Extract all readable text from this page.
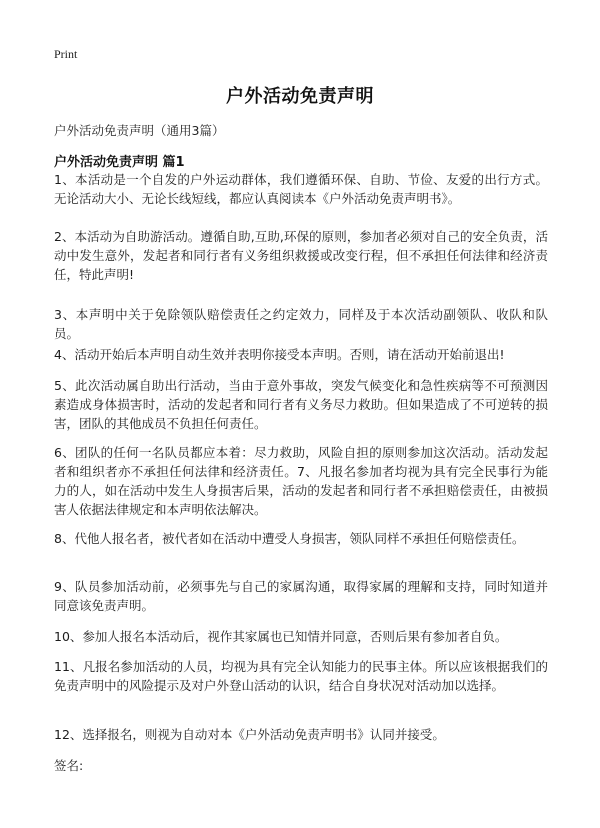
Print
户外活动免责声明
户外活动免责声明（通用3篇）
户外活动免责声明 篇1

1、本活动是一个自发的户外运动群体，我们遵循环保、自助、节俭、友爱的出行方式。无论活动大小、无论长线短线，都应认真阅读本《户外活动免责声明书》。

2、本活动为自助游活动。遵循自助,互助,环保的原则，参加者必须对自己的安全负责，活动中发生意外，发起者和同行者有义务组织救援或改变行程，但不承担任何法律和经济责任，特此声明!

3、本声明中关于免除领队赔偿责任之约定效力，同样及于本次活动副领队、收队和队员。

4、活动开始后本声明自动生效并表明你接受本声明。否则，请在活动开始前退出!

5、此次活动属自助出行活动，当由于意外事故，突发气候变化和急性疾病等不可预测因素造成身体损害时，活动的发起者和同行者有义务尽力救助。但如果造成了不可逆转的损害，团队的其他成员不负担任何责任。

6、团队的任何一名队员都应本着：尽力救助，风险自担的原则参加这次活动。活动发起者和组织者亦不承担任何法律和经济责任。7、凡报名参加者均视为具有完全民事行为能力的人，如在活动中发生人身损害后果，活动的发起者和同行者不承担赔偿责任，由被损害人依据法律规定和本声明依法解决。

8、代他人报名者，被代者如在活动中遭受人身损害，领队同样不承担任何赔偿责任。

9、队员参加活动前，必须事先与自己的家属沟通，取得家属的理解和支持，同时知道并同意该免责声明。

10、参加人报名本活动后，视作其家属也已知情并同意，否则后果有参加者自负。

11、凡报名参加活动的人员，均视为具有完全认知能力的民事主体。所以应该根据我们的免责声明中的风险提示及对户外登山活动的认识，结合自身状况对活动加以选择。

12、选择报名，则视为自动对本《户外活动免责声明书》认同并接受。

签名:
